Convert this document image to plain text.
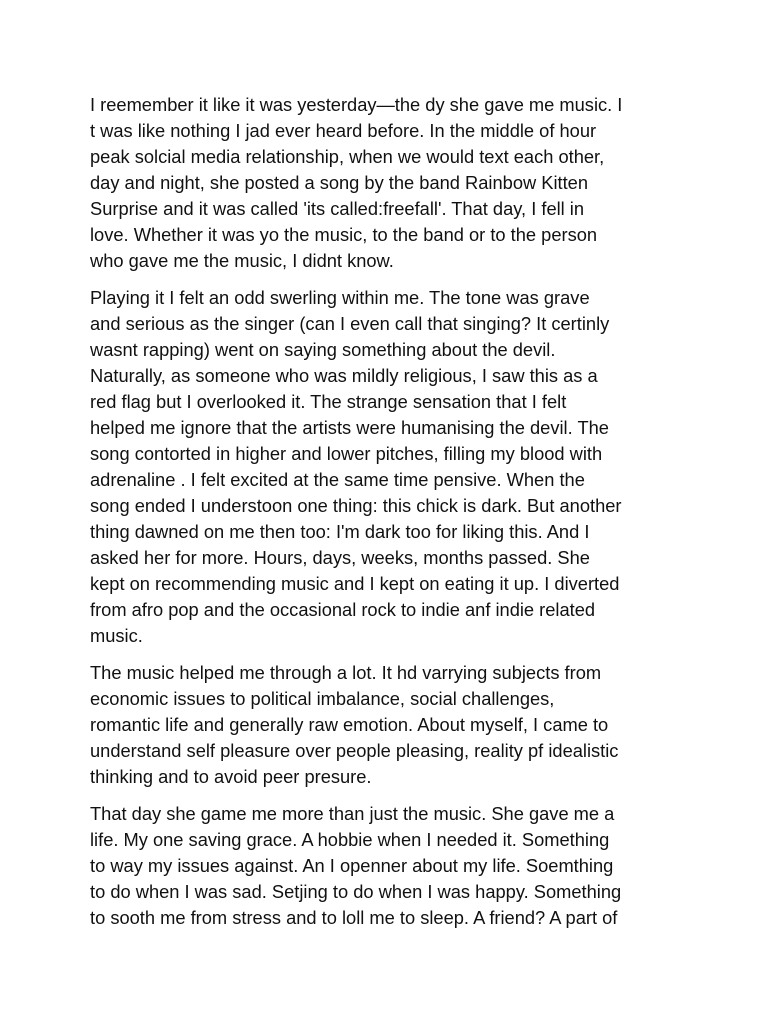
I reemember it like it was yesterday—the dy she gave me music. I
t was like nothing I jad ever heard before. In the middle of hour
peak solcial media relationship, when we would text each other,
day and night, she posted a song by the band Rainbow Kitten
Surprise and it was called 'its called:freefall'. That day, I fell in
love. Whether it was yo the music, to the band or to the person
who gave me the music, I didnt know.

Playing it I felt an odd swerling within me. The tone was grave
and serious as the singer (can I even call that singing? It certinly
wasnt rapping) went on saying something about the devil.
Naturally, as someone who was mildly religious, I saw this as a
red flag but I overlooked it. The strange sensation that I felt
helped me ignore that the artists were humanising the devil. The
song contorted in higher and lower pitches, filling my blood with
adrenaline . I felt excited at the same time pensive. When the
song ended I understoon one thing: this chick is dark. But another
thing dawned on me then too: I'm dark too for liking this. And I
asked her for more. Hours, days, weeks, months passed. She
kept on recommending music and I kept on eating it up. I diverted
from afro pop and the occasional rock to indie anf indie related
music.

The music helped me through a lot. It hd varrying subjects from
economic issues to political imbalance, social challenges,
romantic life and generally raw emotion. About myself, I came to
understand self pleasure over people pleasing, reality pf idealistic
thinking and to avoid peer presure.

That day she game me more than just the music. She gave me a
life. My one saving grace. A hobbie when I needed it. Something
to way my issues against. An I openner about my life. Soemthing
to do when I was sad. Setjing to do when I was happy. Something
to sooth me from stress and to loll me to sleep. A friend? A part of
